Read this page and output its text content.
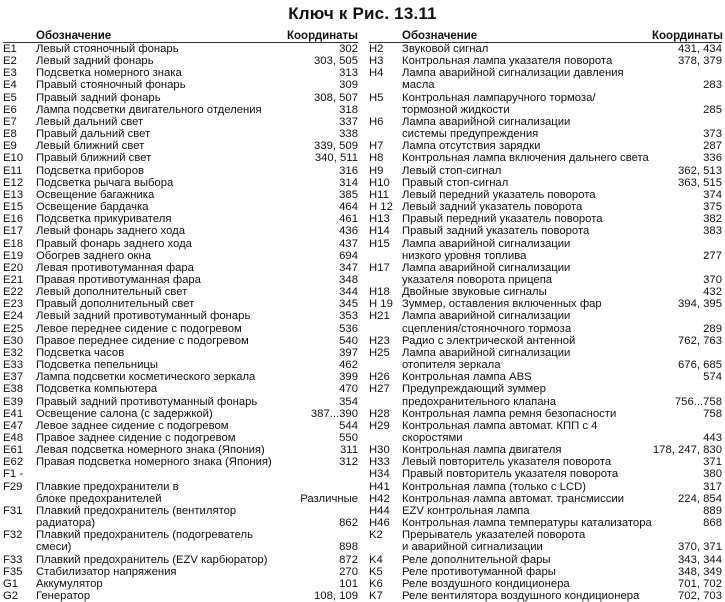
Ключ к Рис. 13.11
Обозначение	Координаты
E1	Левый стояночный фонарь	302
E2	Левый задний фонарь	303, 505
E3	Подсветка номерного знака	313
E4	Правый стояночный фонарь	309
E5	Правый задний фонарь	308, 507
E6	Лампа подсветки двигательного отделения	318
E7	Левый дальний свет	337
E8	Правый дальний свет	338
E9	Левый ближний свет	339, 509
E10	Правый ближний свет	340, 511
E11	Подсветка приборов	316
E12	Подсветка рычага выбора	314
E13	Освещение багажника	385
E15	Освещение бардачка	464
E16	Подсветка прикуривателя	461
E17	Левый фонарь заднего хода	436
E18	Правый фонарь заднего хода	437
E19	Обогрев заднего окна	694
E20	Левая противотуманная фара	347
E21	Правая противотуманная фара	348
E22	Левый дополнительный свет	344
E23	Правый дополнительный свет	345
E24	Левый задний противотуманный фонарь	353
E25	Левое переднее сидение с подогревом	536
E30	Правое переднее сидение с подогревом	540
E32	Подсветка часов	397
E33	Подсветка пепельницы	462
E37	Лампа подсветки косметического зеркала	399
E38	Подсветка компьютера	470
E39	Правый задний противотуманный фонарь	354
E41	Освещение салона (с задержкой)	387...390
E47	Левое заднее сидение с подогревом	544
E48	Правое заднее сидение с подогревом	550
E61	Левая подсветка номерного знака (Япония)	311
E62	Правая подсветка номерного знака (Япония)	312
F1 -
F29	Плавкие предохранители в
блоке предохранителей	Различные
F31	Плавкий предохранитель (вентилятор радиатора)	862
F32	Плавкий предохранитель (подогреватель смеси)	898
F33	Плавкий предохранитель (EZV карбюратор)	872
F35	Стабилизатор напряжения	270
G1	Аккумулятор	101
G2	Генератор	108, 109
Обозначение	Координаты
H2	Звуковой сигнал	431, 434
H3	Контрольная лампа указателя поворота	378, 379
H4	Лампа аварийной сигнализации давления масла	283
H5	Контрольная лампаручного тормоза/
тормозной жидкости	285
H6	Лампа аварийной сигнализации
системы предупреждения	373
H7	Лампа отсутствия зарядки	287
H8	Контрольная лампа включения дальнего света	336
H9	Левый стоп-сигнал	362, 513
H10	Правый стоп-сигнал	363, 515
H11	Левый передний указатель поворота	374
H 12 Левый задний указатель поворота	375
H13	Правый передний указатель поворота	382
H14	Правый задний указатель поворота	383
H15	Лампа аварийной сигнализации
низкого уровня топлива	277
H17	Лампа аварийной сигнализации
указателя поворота прицепа	370
H18	Двойные звуковые сигналы	432
H 19 Зуммер, оставления включенных фар	394, 395
H21	Лампа аварийной сигнализации
сцепления/стояночного тормоза	289
H23	Радио с электрической антенной	762, 763
H25	Лампа аварийной сигнализации
отопителя зеркала	676, 685
H26	Контрольная лампа ABS	574
H27	Предупреждающий зуммер
предохранительного клапана	756...758
H28	Контрольная лампа ремня безопасности	758
H29	Контрольная лампа автомат. КПП с 4 скоростями	443
H30	Контрольная лампа двигателя	178, 247, 830
H33	Левый повторитель указателя поворота	371
H34	Правый повторитель указателя поворота	380
H41	Контрольная лампа (только с LCD)	317
H42	Контрольная лампа автомат. трансмиссии	224, 854
H44	EZV контрольная лампа	889
H46	Контрольная лампа температуры катализатора	868
K2	Прерыватель указателей поворота
и аварийной сигнализации	370, 371
K4	Реле дополнительной фары	343, 344
K5	Реле противотуманной фары	348, 349
K6	Реле воздушного кондиционера	701, 702
K7	Реле вентилятора воздушного кондиционера	702, 703
